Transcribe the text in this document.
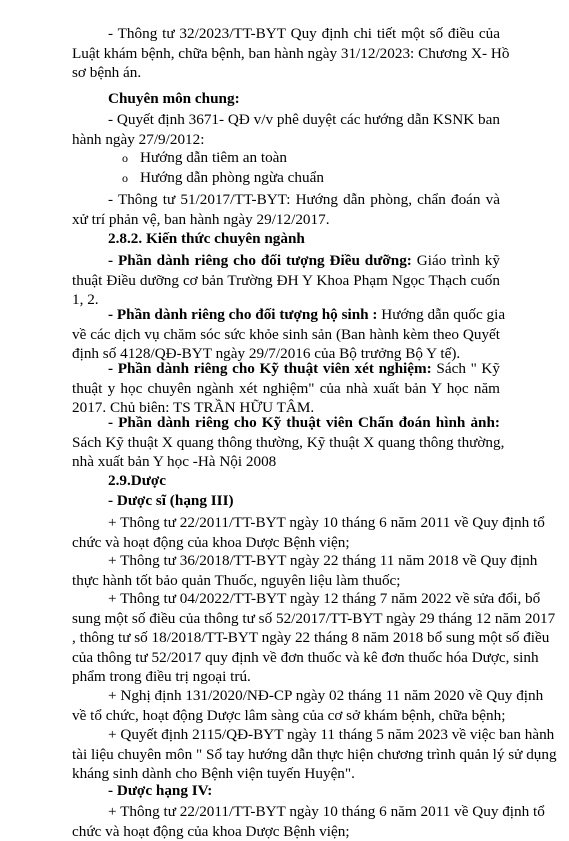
- Thông tư 32/2023/TT-BYT Quy định chi tiết một số điều của
Luật khám bệnh, chữa bệnh, ban hành ngày 31/12/2023: Chương X- Hồ
sơ bệnh án.
Chuyên môn chung:
- Quyết định 3671- QĐ v/v phê duyệt các hướng dẫn KSNK ban
hành ngày 27/9/2012:
o Hướng dẫn tiêm an toàn
o Hướng dẫn phòng ngừa chuẩn
- Thông tư 51/2017/TT-BYT: Hướng dẫn phòng, chẩn đoán và
xử trí phản vệ, ban hành ngày 29/12/2017.
2.8.2. Kiến thức chuyên ngành
- Phần dành riêng cho đối tượng Điều dưỡng: Giáo trình kỹ
thuật Điều dưỡng cơ bản Trường ĐH Y Khoa Phạm Ngọc Thạch cuốn
1, 2.
- Phần dành riêng cho đối tượng hộ sinh : Hướng dẫn quốc gia
về các dịch vụ chăm sóc sức khỏe sinh sản (Ban hành kèm theo Quyết
định số 4128/QĐ-BYT ngày 29/7/2016 của Bộ trưởng Bộ Y tế).
- Phần dành riêng cho Kỹ thuật viên xét nghiệm: Sách " Kỹ
thuật y học chuyên ngành xét nghiệm" của nhà xuất bản Y học năm
2017. Chủ biên: TS TRẦN HỮU TÂM.
- Phần dành riêng cho Kỹ thuật viên Chẩn đoán hình ảnh:
Sách Kỹ thuật X quang thông thường, Kỹ thuật X quang thông thường,
nhà xuất bản Y học -Hà Nội 2008
2.9.Dược
- Dược sĩ (hạng III)
+ Thông tư 22/2011/TT-BYT ngày 10 tháng 6 năm 2011 về Quy định tổ
chức và hoạt động của khoa Dược Bệnh viện;
+ Thông tư 36/2018/TT-BYT ngày 22 tháng 11 năm 2018 về Quy định
thực hành tốt bảo quản Thuốc, nguyên liệu làm thuốc;
+ Thông tư 04/2022/TT-BYT ngày 12 tháng 7 năm 2022 về sửa đổi, bổ
sung một số điều của thông tư số 52/2017/TT-BYT ngày 29 tháng 12 năm 2017
, thông tư số 18/2018/TT-BYT ngày 22 tháng 8 năm 2018 bổ sung một số điều
của thông tư 52/2017 quy định về đơn thuốc và kê đơn thuốc hóa Dược, sinh
phẩm trong điều trị ngoại trú.
+ Nghị định 131/2020/NĐ-CP ngày 02 tháng 11 năm 2020 về Quy định
về tổ chức, hoạt động Dược lâm sàng của cơ sở khám bệnh, chữa bệnh;
+ Quyết định 2115/QĐ-BYT ngày 11 tháng 5 năm 2023 về việc ban hành
tài liệu chuyên môn " Sổ tay hướng dẫn thực hiện chương trình quản lý sử dụng
kháng sinh dành cho Bệnh viện tuyến Huyện".
- Dược hạng IV:
+ Thông tư 22/2011/TT-BYT ngày 10 tháng 6 năm 2011 về Quy định tổ
chức và hoạt động của khoa Dược Bệnh viện;
